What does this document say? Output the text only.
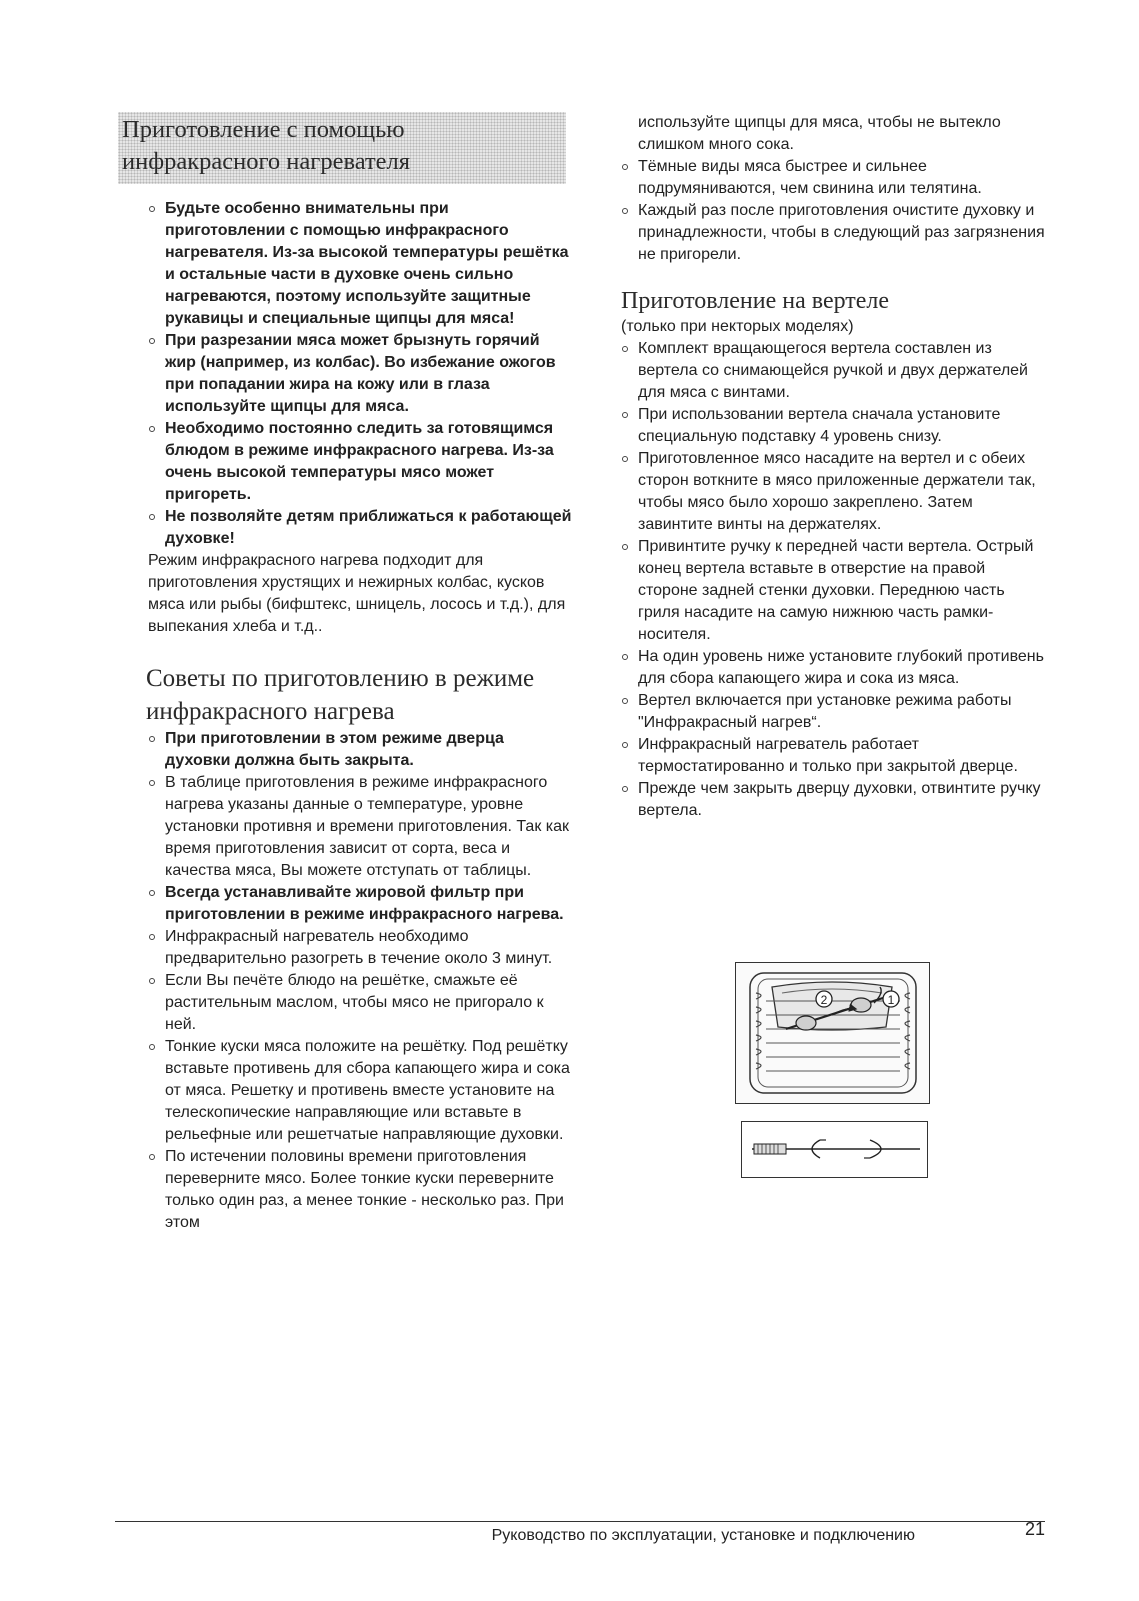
Приготовление с помощью инфракрасного нагревателя
Будьте особенно внимательны при приготовлении с помощью инфракрасного нагревателя. Из-за высокой температуры решётка и остальные части в духовке очень сильно нагреваются, поэтому используйте защитные рукавицы и специальные щипцы для мяса!
При разрезании мяса может брызнуть горячий жир (например, из колбас). Во избежание ожогов при попадании жира на кожу или в глаза используйте щипцы для мяса.
Необходимо постоянно следить за готовящимся блюдом в режиме инфракрасного нагрева. Из-за очень высокой температуры мясо может пригореть.
Не позволяйте детям приближаться к работающей духовке!

Режим инфракрасного нагрева подходит для приготовления хрустящих и нежирных колбас, кусков мяса или рыбы (бифштекс, шницель, лосось и т.д.), для выпекания хлеба и т.д..

Советы по приготовлению в режиме инфракрасного нагрева
При приготовлении в этом режиме дверца духовки должна быть закрыта.
В таблице приготовления в режиме инфракрасного нагрева указаны данные о температуре, уровне установки противня и времени приготовления. Так как время приготовления зависит от сорта, веса и качества мяса, Вы можете отступать от таблицы.
Всегда устанавливайте жировой фильтр при приготовлении в режиме инфракрасного нагрева.
Инфракрасный нагреватель необходимо предварительно разогреть в течение около 3 минут.
Если Вы печёте блюдо на решётке, смажьте её растительным маслом, чтобы мясо не пригорало к ней.
Тонкие куски мяса положите на решётку. Под решётку вставьте противень для сбора капающего жира и сока от мяса. Решетку и противень вместе установите на телескопические направляющие или вставьте в рельефные или решетчатые направляющие духовки.
По истечении половины времени приготовления переверните мясо. Более тонкие куски переверните только один раз, а менее тонкие - несколько раз. При этом

используйте щипцы для мяса, чтобы не вытекло слишком много сока.

Тёмные виды мяса быстрее и сильнее подрумяниваются, чем свинина или телятина.
Каждый раз после приготовления очистите духовку и принадлежности, чтобы в следующий раз загрязнения не пригорели.
Приготовление на вертеле

(только при некторых моделях)

Комплект вращающегося вертела составлен из вертела со снимающейся ручкой и двух держателей для мяса с винтами.
При использовании вертела сначала установите специальную подставку 4 уровень снизу.
Приготовленное мясо насадите на вертел и с обеих сторон воткните в мясо приложенные держатели так, чтобы мясо было хорошо закреплено. Затем завинтите винты на держателях.
Привинтите ручку к передней части вертела. Острый конец вертела вставьте в отверстие на правой стороне задней стенки духовки. Переднюю часть гриля насадите на самую нижнюю часть рамки-носителя.
На один уровень ниже установите глубокий противень для сбора капающего жира и сока из мяса.
Вертел включается при установке режима работы "Инфракрасный нагрев“.
Инфракрасный нагреватель работает термостатированно и только при закрытой дверце.
Прежде чем закрыть дверцу духовки, отвинтите ручку вертела.
2	1
Руководство по эксплуатации, установке и подключению	21
